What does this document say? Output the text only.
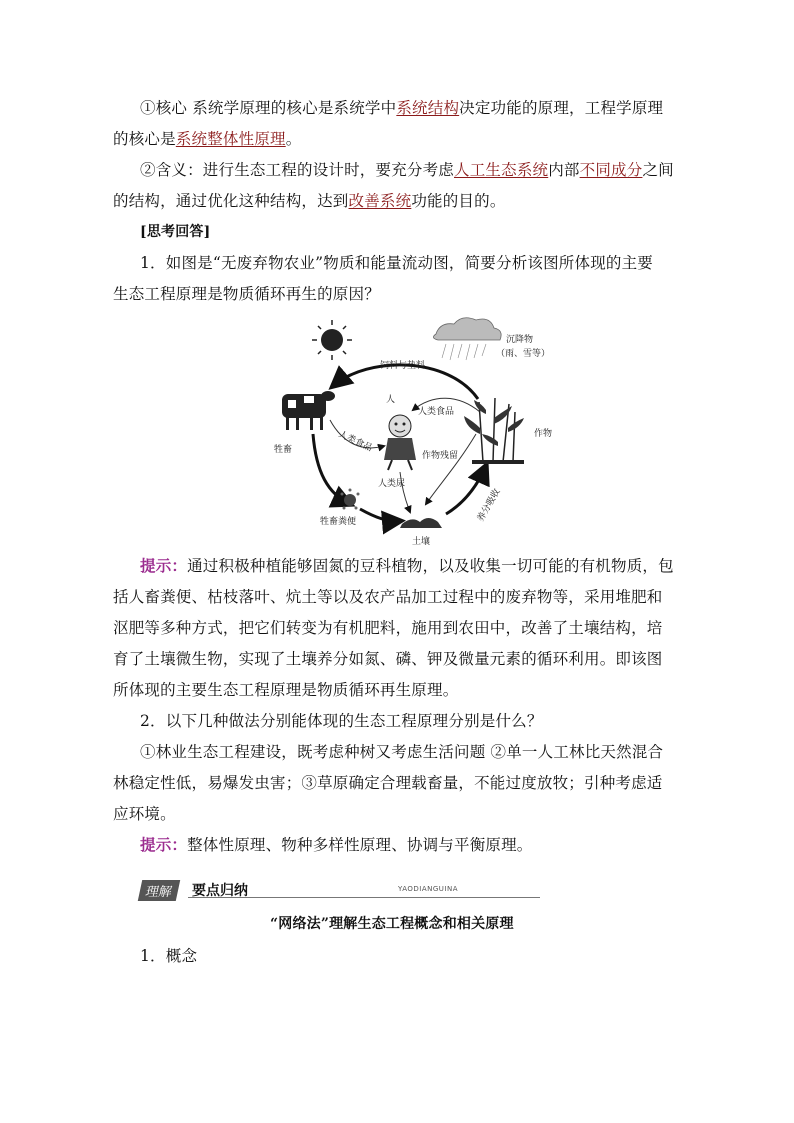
①核心 系统学原理的核心是系统学中系统结构决定功能的原理，工程学原理
的核心是系统整体性原理。
②含义：进行生态工程的设计时，要充分考虑人工生态系统内部不同成分之间
的结构，通过优化这种结构，达到改善系统功能的目的。
[思考回答]
1．如图是“无废弃物农业”物质和能量流动图，简要分析该图所体现的主要
生态工程原理是物质循环再生的原因？
沉降物
（雨、雪等）
饲料与垫料
牲畜
人
人类食品
人类食品
作物残留
人类尿
作物
牲畜粪便
土壤
养分吸收
提示：通过积极种植能够固氮的豆科植物，以及收集一切可能的有机物质，包
括人畜粪便、枯枝落叶、炕土等以及农产品加工过程中的废弃物等，采用堆肥和
沤肥等多种方式，把它们转变为有机肥料，施用到农田中，改善了土壤结构，培
育了土壤微生物，实现了土壤养分如氮、磷、钾及微量元素的循环利用。即该图
所体现的主要生态工程原理是物质循环再生原理。
2．以下几种做法分别能体现的生态工程原理分别是什么？
①林业生态工程建设，既考虑种树又考虑生活问题 ②单一人工林比天然混合
林稳定性低，易爆发虫害；③草原确定合理载畜量，不能过度放牧；引种考虑适
应环境。
提示：整体性原理、物种多样性原理、协调与平衡原理。
理解	要点归纳	YAODIANGUINA
“网络法”理解生态工程概念和相关原理
1．概念
